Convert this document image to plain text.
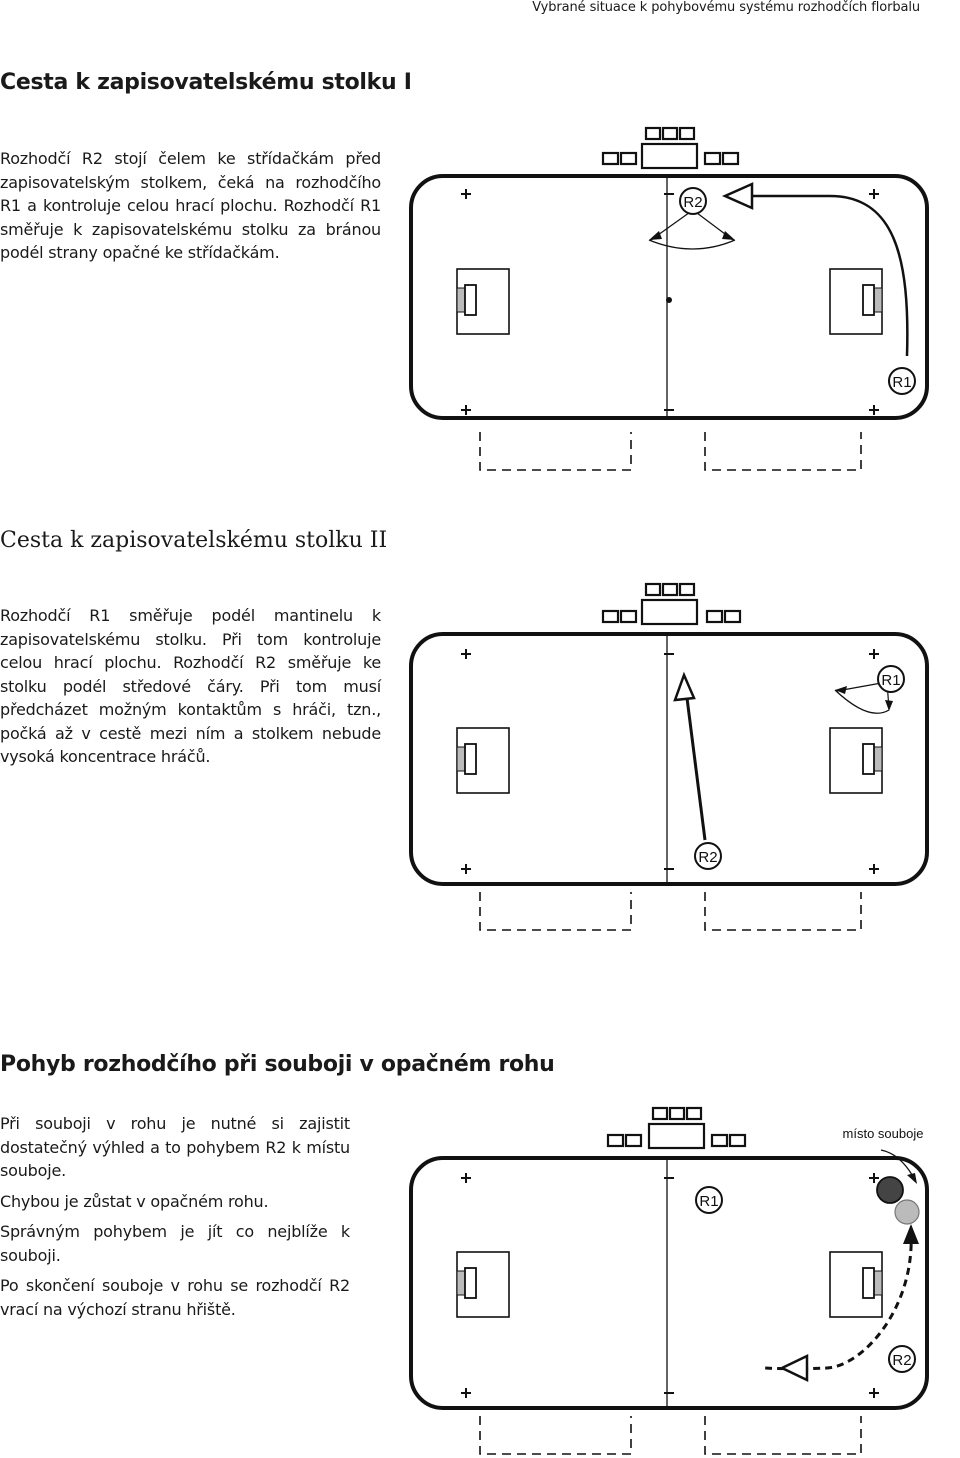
Vybrané situace k pohybovému systému rozhodčích florbalu
Cesta k zapisovatelskému stolku I

Rozhodčí R2 stojí čelem ke střídačkám před zapisovatelským stolkem, čeká na rozhodčího R1 a kontroluje celou hrací plochu. Rozhodčí R1 směřuje k zapisovatelskému stolku za bránou podél strany opačné ke střídačkám.

R2
R1
Cesta k zapisovatelskému stolku II

Rozhodčí R1 směřuje podél mantinelu k zapisovatelskému stolku. Při tom kontroluje celou hrací plochu. Rozhodčí R2 směřuje ke stolku podél středové čáry. Při tom musí předcházet možným kontaktům s hráči, tzn., počká až v cestě mezi ním a stolkem nebude vysoká koncentrace hráčů.

R1
R2
Pohyb rozhodčího při souboji v opačném rohu

Při souboji v rohu je nutné si zajistit dostatečný výhled a to pohybem R2 k místu souboje.

Chybou je zůstat v opačném rohu.

Správným pohybem je jít co nejblíže k souboji.

Po skončení souboje v rohu se rozhodčí R2 vrací na výchozí stranu hřiště.

místo souboje
R1
R2
